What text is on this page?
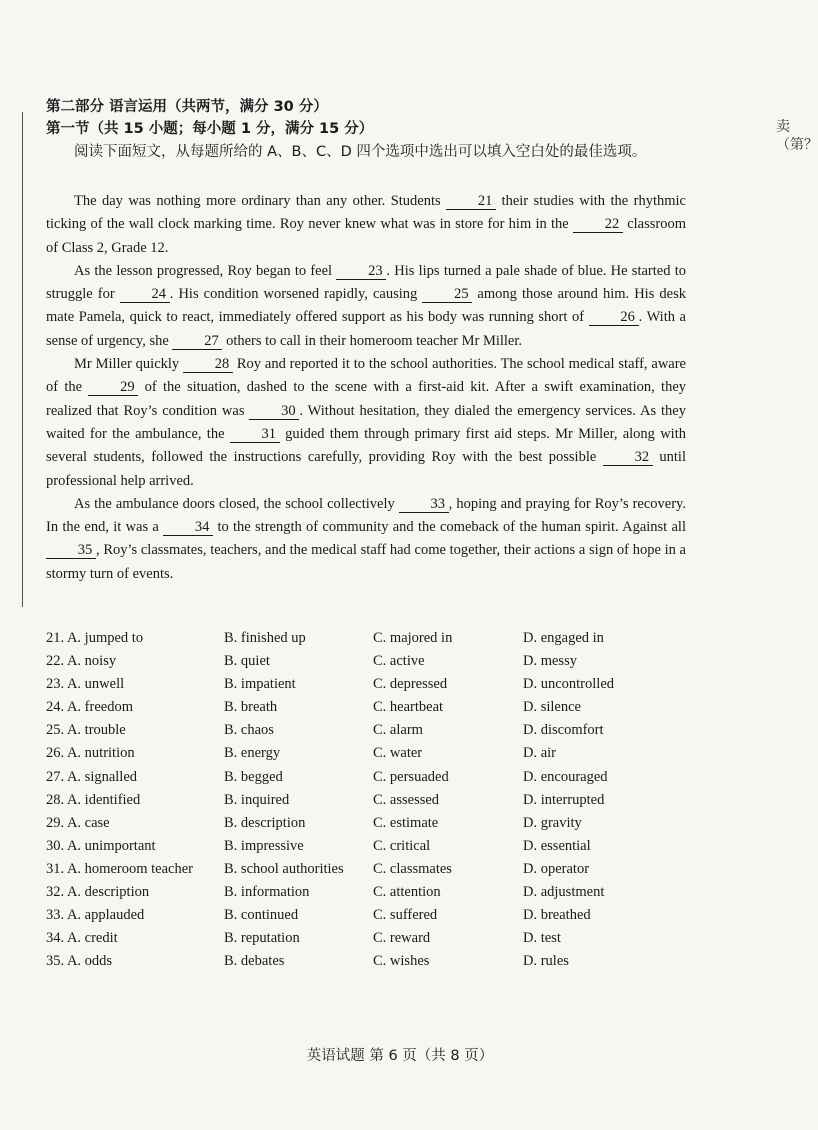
卖（第？
第二部分 语言运用（共两节，满分 30 分）
第一节（共 15 小题；每小题 1 分，满分 15 分）
阅读下面短文，从每题所给的 A、B、C、D 四个选项中选出可以填入空白处的最佳选项。

The day was nothing more ordinary than any other. Students 21 their studies with the rhythmic ticking of the wall clock marking time. Roy never knew what was in store for him in the 22 classroom of Class 2, Grade 12.

As the lesson progressed, Roy began to feel 23 . His lips turned a pale shade of blue. He started to struggle for 24 . His condition worsened rapidly, causing 25 among those around him. His desk mate Pamela, quick to react, immediately offered support as his body was running short of 26 . With a sense of urgency, she 27 others to call in their homeroom teacher Mr Miller.

Mr Miller quickly 28 Roy and reported it to the school authorities. The school medical staff, aware of the 29 of the situation, dashed to the scene with a first-aid kit. After a swift examination, they realized that Roy’s condition was 30 . Without hesitation, they dialed the emergency services. As they waited for the ambulance, the 31 guided them through primary first aid steps. Mr Miller, along with several students, followed the instructions carefully, providing Roy with the best possible 32 until professional help arrived.

As the ambulance doors closed, the school collectively 33 , hoping and praying for Roy’s recovery. In the end, it was a 34 to the strength of community and the comeback of the human spirit. Against all 35 , Roy’s classmates, teachers, and the medical staff had come together, their actions a sign of hope in a stormy turn of events.

21. A. jumped to	B. finished up	C. majored in	D. engaged in
22. A. noisy	B. quiet	C. active	D. messy
23. A. unwell	B. impatient	C. depressed	D. uncontrolled
24. A. freedom	B. breath	C. heartbeat	D. silence
25. A. trouble	B. chaos	C. alarm	D. discomfort
26. A. nutrition	B. energy	C. water	D. air
27. A. signalled	B. begged	C. persuaded	D. encouraged
28. A. identified	B. inquired	C. assessed	D. interrupted
29. A. case	B. description	C. estimate	D. gravity
30. A. unimportant	B. impressive	C. critical	D. essential
31. A. homeroom teacher B. school authorities C. classmates	D. operator
32. A. description	B. information	C. attention	D. adjustment
33. A. applauded	B. continued	C. suffered	D. breathed
34. A. credit	B. reputation	C. reward	D. test
35. A. odds	B. debates	C. wishes	D. rules
英语试题 第 6 页（共 8 页）
